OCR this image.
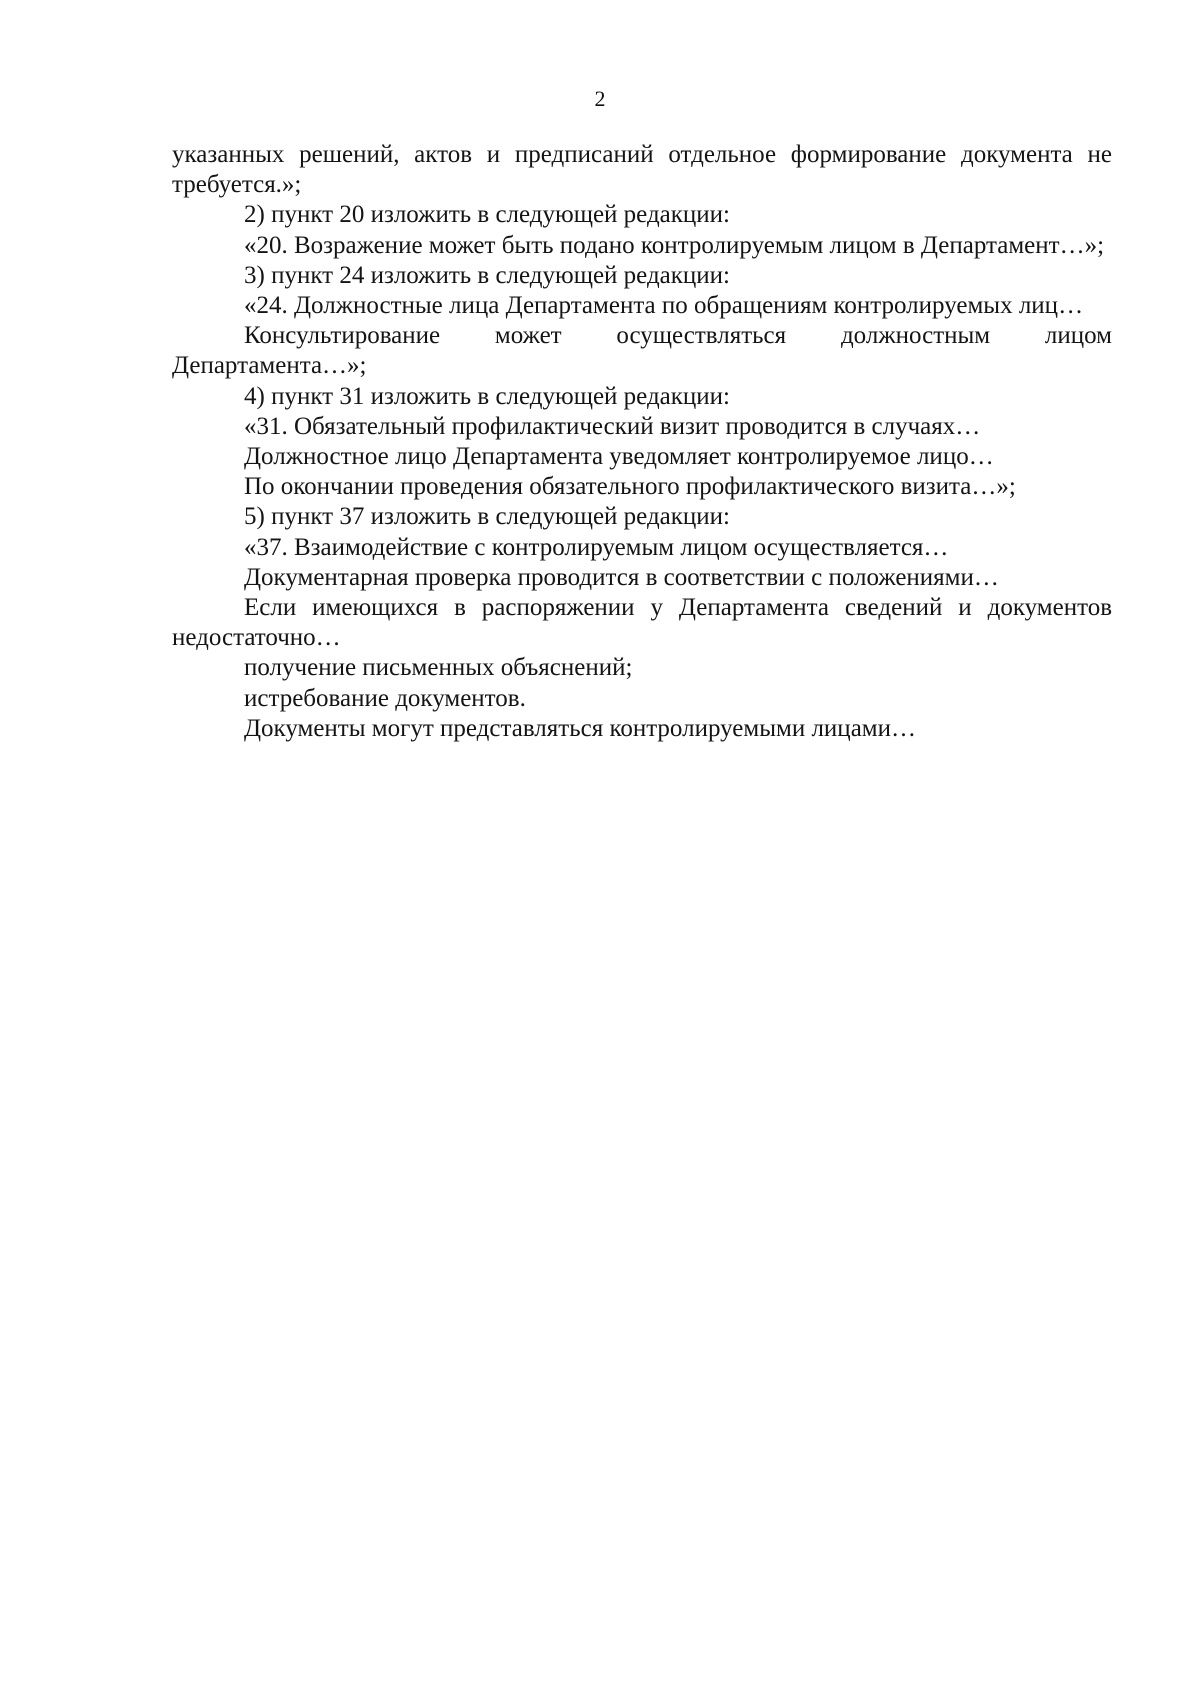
2

указанных решений, актов и предписаний отдельное формирование документа не требуется.»;

2) пункт 20 изложить в следующей редакции:

«20. Возражение может быть подано контролируемым лицом в Департамент…»;

3) пункт 24 изложить в следующей редакции:

«24. Должностные лица Департамента по обращениям контролируемых лиц…

Консультирование может осуществляться должностным лицом Департамента…»;

4) пункт 31 изложить в следующей редакции:

«31. Обязательный профилактический визит проводится в случаях…

Должностное лицо Департамента уведомляет контролируемое лицо…

По окончании проведения обязательного профилактического визита…»;

5) пункт 37 изложить в следующей редакции:

«37. Взаимодействие с контролируемым лицом осуществляется…

Документарная проверка проводится в соответствии с положениями…

Если имеющихся в распоряжении у Департамента сведений и документов недостаточно…

получение письменных объяснений;

истребование документов.

Документы могут представляться контролируемыми лицами…
